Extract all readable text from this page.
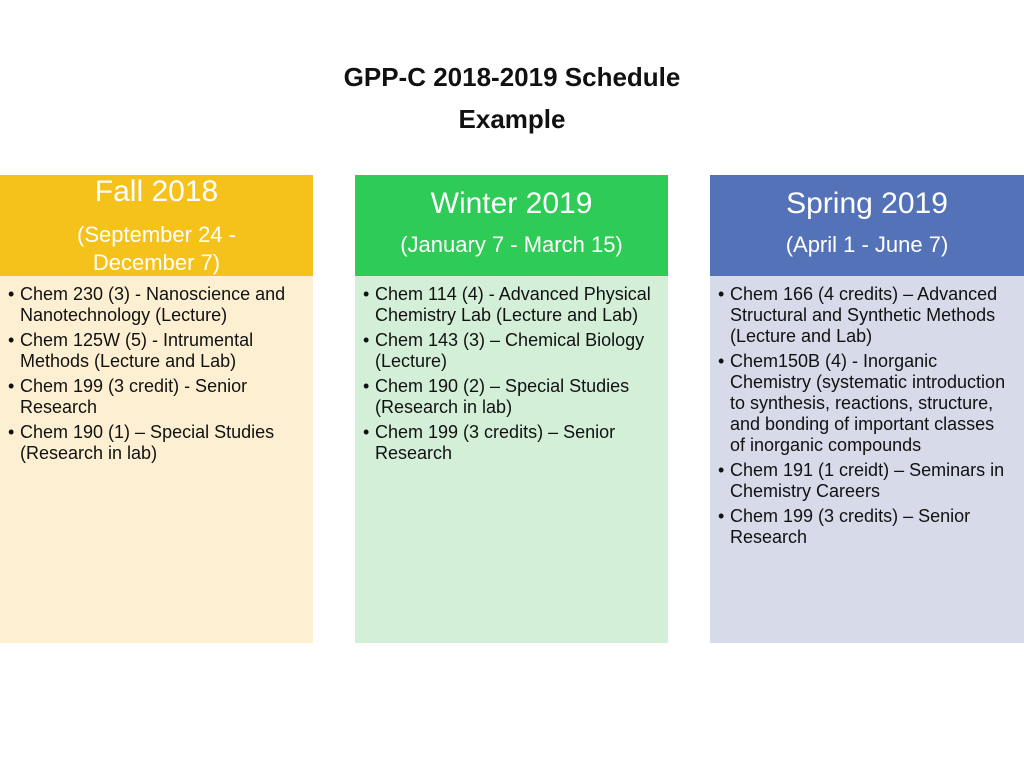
GPP-C 2018-2019 Schedule
Example
Fall 2018
(September 24 - December 7)
• Chem 230 (3) - Nanoscience and Nanotechnology (Lecture)
• Chem 125W (5) - Intrumental Methods (Lecture and Lab)
• Chem 199 (3 credit) - Senior Research
• Chem 190 (1) – Special Studies (Research in lab)
Winter 2019
(January 7 - March 15)
• Chem 114 (4) - Advanced Physical Chemistry Lab (Lecture and Lab)
• Chem 143 (3) – Chemical Biology (Lecture)
• Chem 190 (2) – Special Studies (Research in lab)
• Chem 199 (3 credits) – Senior Research
Spring 2019
(April 1 - June 7)
• Chem 166 (4 credits) – Advanced Structural and Synthetic Methods (Lecture and Lab)
• Chem150B (4) - Inorganic Chemistry (systematic introduction to synthesis, reactions, structure, and bonding of important classes of inorganic compounds
• Chem 191 (1 creidt) – Seminars in Chemistry Careers
• Chem 199 (3 credits) – Senior Research
